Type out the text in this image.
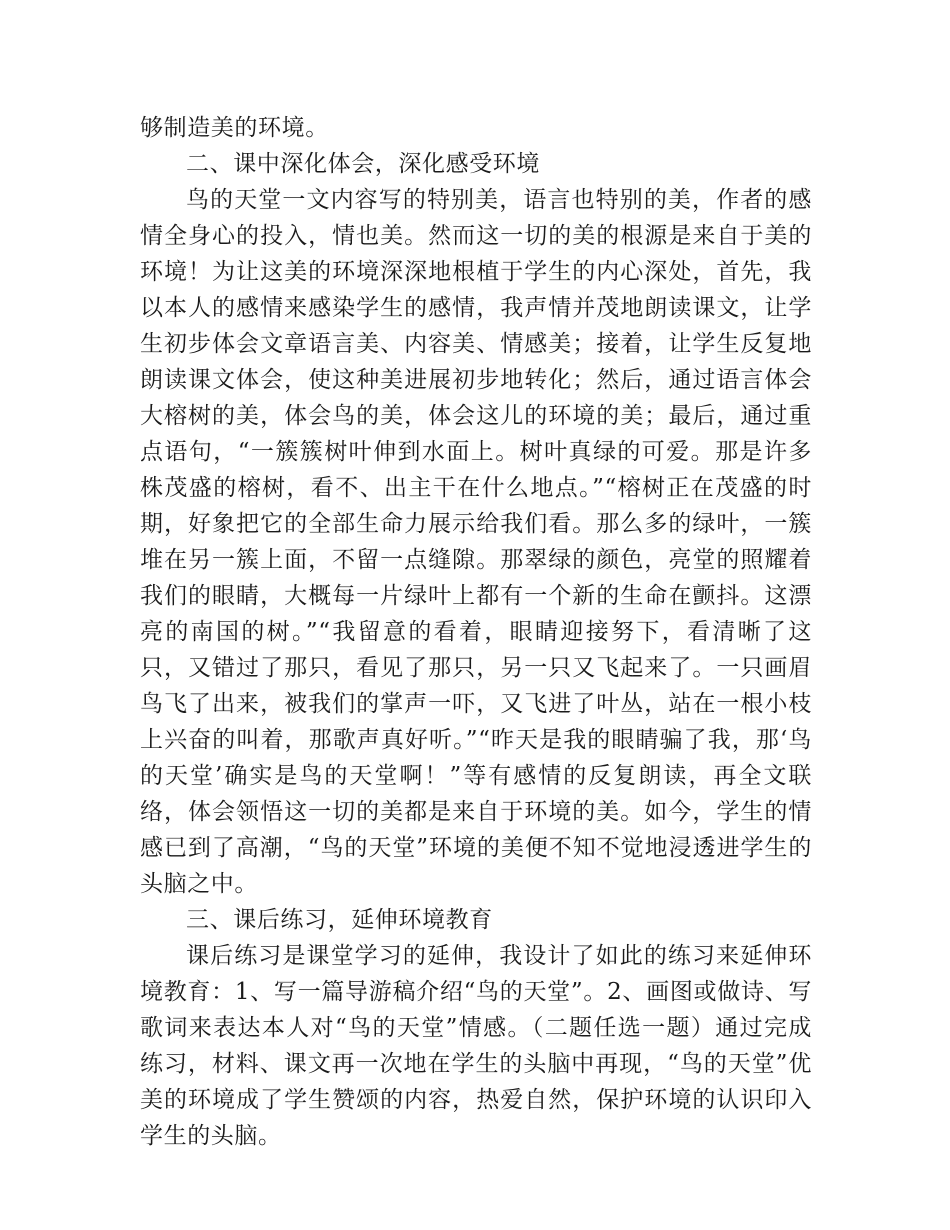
够制造美的环境。

二、课中深化体会，深化感受环境

鸟的天堂一文内容写的特别美，语言也特别的美，作者的感情全身心的投入，情也美。然而这一切的美的根源是来自于美的环境！为让这美的环境深深地根植于学生的内心深处，首先，我以本人的感情来感染学生的感情，我声情并茂地朗读课文，让学生初步体会文章语言美、内容美、情感美；接着，让学生反复地朗读课文体会，使这种美进展初步地转化；然后，通过语言体会大榕树的美，体会鸟的美，体会这儿的环境的美；最后，通过重点语句，“一簇簇树叶伸到水面上。树叶真绿的可爱。那是许多株茂盛的榕树，看不、出主干在什么地点。”“榕树正在茂盛的时期，好象把它的全部生命力展示给我们看。那么多的绿叶，一簇堆在另一簇上面，不留一点缝隙。那翠绿的颜色，亮堂的照耀着我们的眼睛，大概每一片绿叶上都有一个新的生命在颤抖。这漂亮的南国的树。”“我留意的看着，眼睛迎接努下，看清晰了这只，又错过了那只，看见了那只，另一只又飞起来了。一只画眉鸟飞了出来，被我们的掌声一吓，又飞进了叶丛，站在一根小枝上兴奋的叫着，那歌声真好听。”“昨天是我的眼睛骗了我，那‘鸟的天堂’确实是鸟的天堂啊！”等有感情的反复朗读，再全文联络，体会领悟这一切的美都是来自于环境的美。如今，学生的情感已到了高潮，“鸟的天堂”环境的美便不知不觉地浸透进学生的头脑之中。

三、课后练习，延伸环境教育

课后练习是课堂学习的延伸，我设计了如此的练习来延伸环境教育：1、写一篇导游稿介绍“鸟的天堂”。2、画图或做诗、写歌词来表达本人对“鸟的天堂”情感。（二题任选一题）通过完成练习，材料、课文再一次地在学生的头脑中再现，“鸟的天堂”优美的环境成了学生赞颂的内容，热爱自然，保护环境的认识印入学生的头脑。
